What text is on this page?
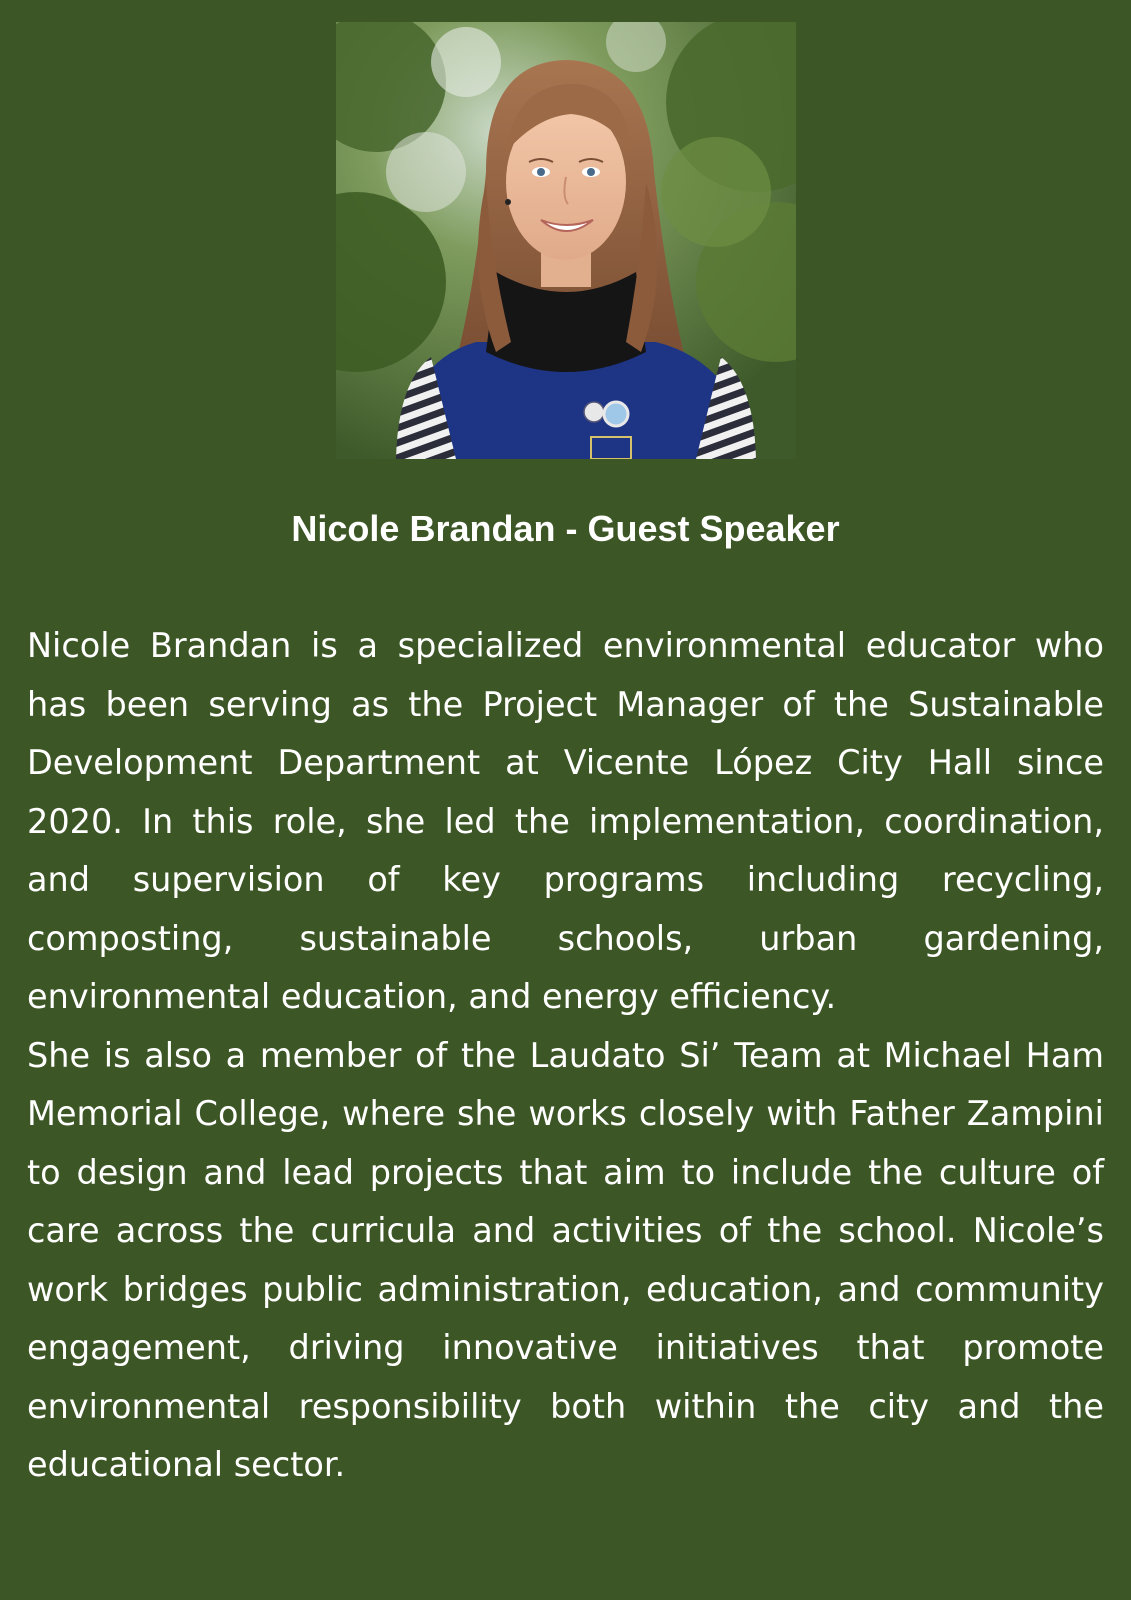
Nicole Brandan - Guest Speaker

Nicole Brandan is a specialized environmental educator who has been serving as the Project Manager of the Sustainable Development Department at Vicente López City Hall since 2020. In this role, she led the implementation, coordination, and supervision of key programs including recycling, composting, sustainable schools, urban gardening, environmental education, and energy efficiency.

She is also a member of the Laudato Si’ Team at Michael Ham Memorial College, where she works closely with Father Zampini to design and lead projects that aim to include the culture of care across the curricula and activities of the school. Nicole’s work bridges public administration, education, and community engagement, driving innovative initiatives that promote environmental responsibility both within the city and the educational sector.
